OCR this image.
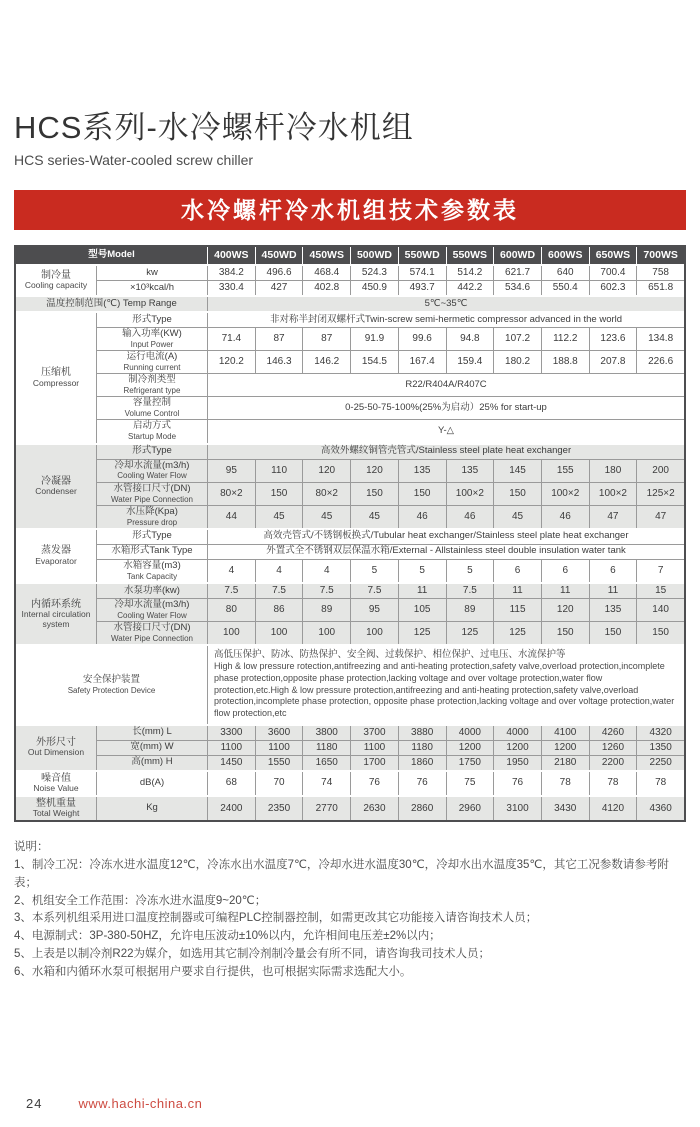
HCS系列-水冷螺杆冷水机组
HCS series-Water-cooled screw chiller
水冷螺杆冷水机组技术参数表
型号Model	400WS 450WD 450WS 500WD 550WD 550WS 600WD 600WS 650WS 700WS
制冷量
Cooling capacity
kw	384.2 496.6 468.4 524.3 574.1 514.2 621.7	640	700.4	758
×10³kcal/h	330.4	427	402.8 450.9 493.7 442.2 534.6 550.4 602.3 651.8
温度控制范围(℃) Temp Range	5℃~35℃
压缩机
Compressor
形式Type	非对称半封闭双螺杆式Twin-screw semi-hermetic compressor advanced in the world
输入功率(KW)
Input Power
71.4	87	87	91.9	99.6	94.8	107.2 112.2 123.6 134.8
运行电流(A)
Running current
120.2 146.3 146.2 154.5 167.4 159.4 180.2 188.8 207.8 226.6
制冷剂类型
Refrigerant type
R22/R404A/R407C
容量控制
Volume Control
0-25-50-75-100%(25%为启动）25% for start-up
启动方式
Startup Mode
Y-△
冷凝器
Condenser
形式Type	高效外螺纹铜管壳管式/Stainless steel plate heat exchanger
冷却水流量(m3/h)
Cooling Water Flow
95	110	120	120	135	135	145	155	180	200
水管接口尺寸(DN)
Water Pipe Connection
80×2	150	80×2	150	150	100×2	150	100×2 100×2 125×2
水压降(Kpa)
Pressure drop
44	45	45	45	46	46	45	46	47	47
蒸发器
Evaporator
形式Type	高效壳管式/不锈钢板换式/Tubular heat exchanger/Stainless steel plate heat exchanger
水箱形式Tank Type	外置式全不锈钢双层保温水箱/External - Allstainless steel double insulation water tank
水箱容量(m3)
Tank Capacity
4	4	4	5	5	5	6	6	6	7
内循环系统
Internal circulation system
水泵功率(kw)	7.5	7.5	7.5	7.5	11	7.5	11	11	11	15
冷却水流量(m3/h)
Cooling Water Flow
80	86	89	95	105	89	115	120	135	140
水管接口尺寸(DN)
Water Pipe Connection
100	100	100	100	125	125	125	150	150	150
安全保护装置
Safety Protection Device
高低压保护、防冰、防热保护、安全阀、过载保护、相位保护、过电压、水流保护等
High & low pressure rotection,antifreezing and anti-heating protection,safety valve,overload protection,incomplete phase protection,opposite phase protection,lacking voltage and over voltage protection,water flow protection,etc.High & low pressure protection,antifreezing and anti-heating protection,safety valve,overload protection,incomplete phase protection, opposite phase protection,lacking voltage and over voltage protection,water flow protection,etc
外形尺寸
Out Dimension
长(mm) L	3300	3600	3800	3700	3880	4000	4000	4100	4260	4320
宽(mm) W	1100	1100	1180	1100	1180	1200	1200	1200	1260	1350
高(mm) H	1450	1550	1650	1700	1860	1750	1950	2180	2200	2250
噪音值
Noise Value
dB(A)	68	70	74	76	76	75	76	78	78	78
整机重量
Total Weight
Kg	2400	2350	2770	2630	2860	2960	3100	3430	4120	4360
说明：
1、制冷工况：冷冻水进水温度12℃，冷冻水出水温度7℃，冷却水进水温度30℃，冷却水出水温度35℃，其它工况参数请参考附表；
2、机组安全工作范围：冷冻水进水温度9~20℃；
3、本系列机组采用进口温度控制器或可编程PLC控制器控制，如需更改其它功能接入请咨询技术人员；
4、电源制式：3P-380-50HZ，允许电压波动±10%以内，允许相间电压差±2%以内；
5、上表是以制冷剂R22为媒介，如选用其它制冷剂制冷量会有所不同，请咨询我司技术人员；
6、水箱和内循环水泵可根据用户要求自行提供，也可根据实际需求选配大小。
24	www.hachi-china.cn
